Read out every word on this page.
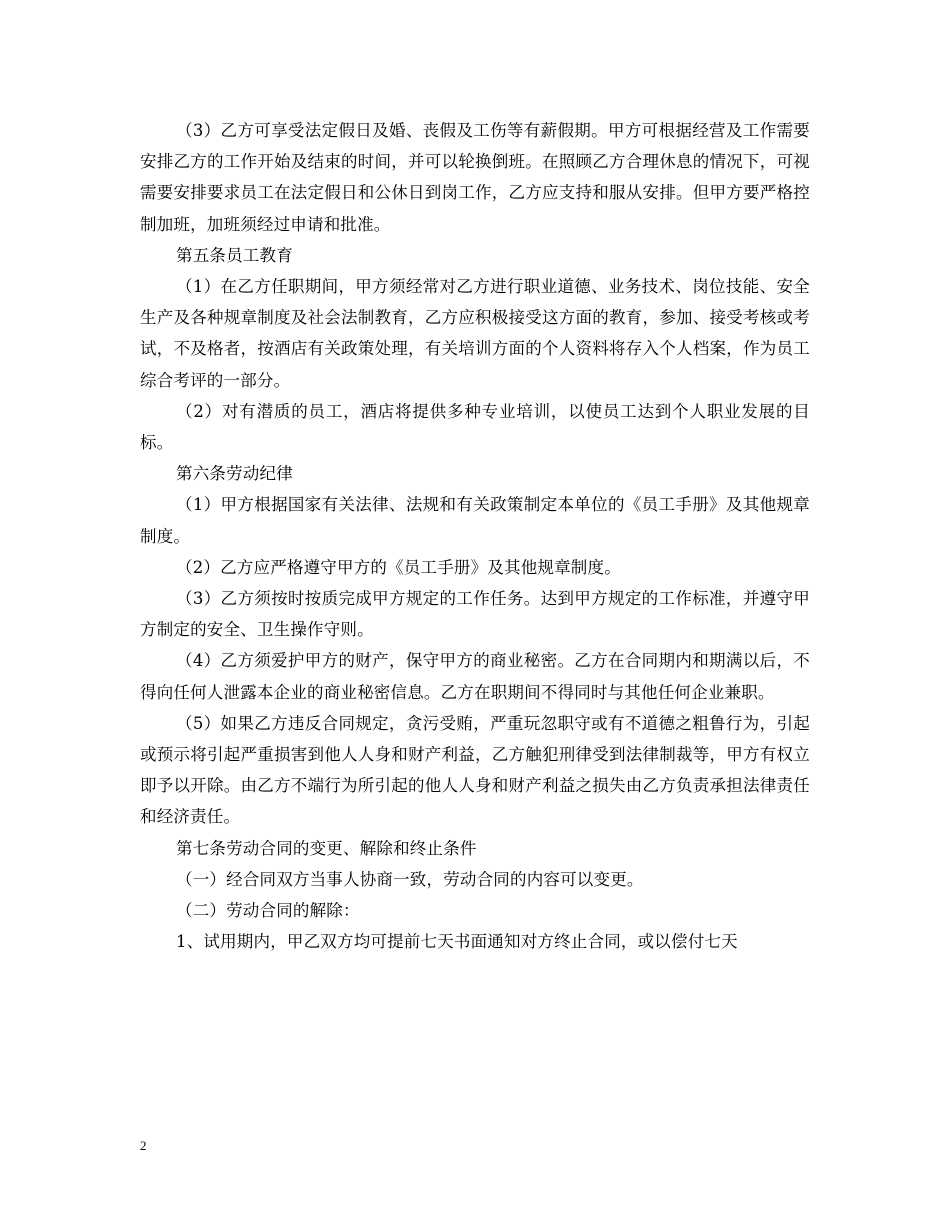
（3）乙方可享受法定假日及婚、丧假及工伤等有薪假期。甲方可根据经营及工作需要安排乙方的工作开始及结束的时间，并可以轮换倒班。在照顾乙方合理休息的情况下，可视需要安排要求员工在法定假日和公休日到岗工作，乙方应支持和服从安排。但甲方要严格控制加班，加班须经过申请和批准。

第五条员工教育

（1）在乙方任职期间，甲方须经常对乙方进行职业道德、业务技术、岗位技能、安全生产及各种规章制度及社会法制教育，乙方应积极接受这方面的教育，参加、接受考核或考试，不及格者，按酒店有关政策处理，有关培训方面的个人资料将存入个人档案，作为员工综合考评的一部分。

（2）对有潜质的员工，酒店将提供多种专业培训，以使员工达到个人职业发展的目标。

第六条劳动纪律

（1）甲方根据国家有关法律、法规和有关政策制定本单位的《员工手册》及其他规章制度。

（2）乙方应严格遵守甲方的《员工手册》及其他规章制度。

（3）乙方须按时按质完成甲方规定的工作任务。达到甲方规定的工作标准，并遵守甲方制定的安全、卫生操作守则。

（4）乙方须爱护甲方的财产，保守甲方的商业秘密。乙方在合同期内和期满以后，不得向任何人泄露本企业的商业秘密信息。乙方在职期间不得同时与其他任何企业兼职。

（5）如果乙方违反合同规定，贪污受贿，严重玩忽职守或有不道德之粗鲁行为，引起或预示将引起严重损害到他人人身和财产利益，乙方触犯刑律受到法律制裁等，甲方有权立即予以开除。由乙方不端行为所引起的他人人身和财产利益之损失由乙方负责承担法律责任和经济责任。

第七条劳动合同的变更、解除和终止条件

（一）经合同双方当事人协商一致，劳动合同的内容可以变更。

（二）劳动合同的解除：

1、试用期内，甲乙双方均可提前七天书面通知对方终止合同，或以偿付七天

2
